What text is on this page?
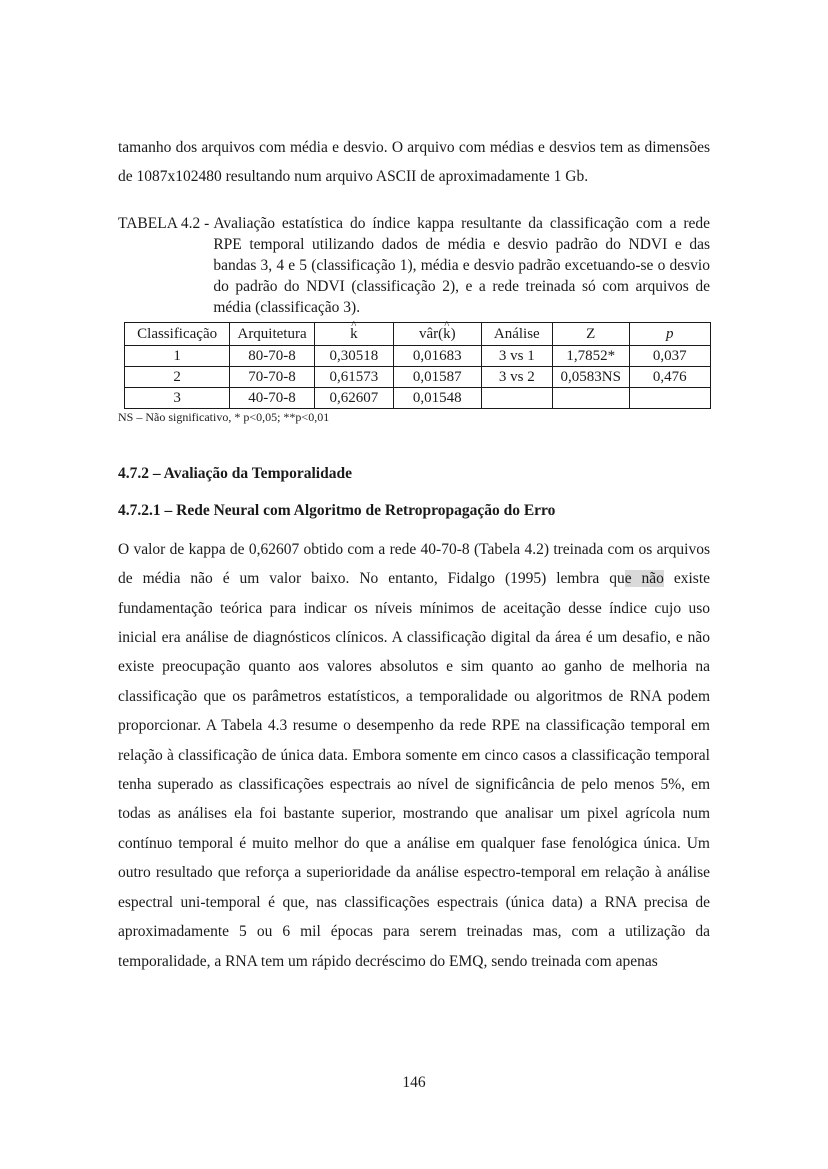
tamanho dos arquivos com média e desvio. O arquivo com médias e desvios tem as dimensões de 1087x102480 resultando num arquivo ASCII de aproximadamente 1 Gb.

TABELA 4.2 - Avaliação estatística do índice kappa resultante da classificação com a rede RPE temporal utilizando dados de média e desvio padrão do NDVI e das bandas 3, 4 e 5 (classificação 1), média e desvio padrão excetuando-se o desvio do padrão do NDVI (classificação 2), e a rede treinada só com arquivos de média (classificação 3).
Classificação	Arquitetura	^ k	vâr(^ k)	Análise	Z	p
1	80-70-8	0,30518	0,01683	3 vs 1	1,7852*	0,037
2	70-70-8	0,61573	0,01587	3 vs 2	0,0583NS	0,476
3	40-70-8	0,62607	0,01548			
NS – Não significativo, * p<0,05; **p<0,01
4.7.2 – Avaliação da Temporalidade
4.7.2.1 – Rede Neural com Algoritmo de Retropropagação do Erro

O valor de kappa de 0,62607 obtido com a rede 40-70-8 (Tabela 4.2) treinada com os arquivos de média não é um valor baixo. No entanto, Fidalgo (1995) lembra que não existe fundamentação teórica para indicar os níveis mínimos de aceitação desse índice cujo uso inicial era análise de diagnósticos clínicos. A classificação digital da área é um desafio, e não existe preocupação quanto aos valores absolutos e sim quanto ao ganho de melhoria na classificação que os parâmetros estatísticos, a temporalidade ou algoritmos de RNA podem proporcionar. A Tabela 4.3 resume o desempenho da rede RPE na classificação temporal em relação à classificação de única data. Embora somente em cinco casos a classificação temporal tenha superado as classificações espectrais ao nível de significância de pelo menos 5%, em todas as análises ela foi bastante superior, mostrando que analisar um pixel agrícola num contínuo temporal é muito melhor do que a análise em qualquer fase fenológica única. Um outro resultado que reforça a superioridade da análise espectro-temporal em relação à análise espectral uni-temporal é que, nas classificações espectrais (única data) a RNA precisa de aproximadamente 5 ou 6 mil épocas para serem treinadas mas, com a utilização da temporalidade, a RNA tem um rápido decréscimo do EMQ, sendo treinada com apenas

146
